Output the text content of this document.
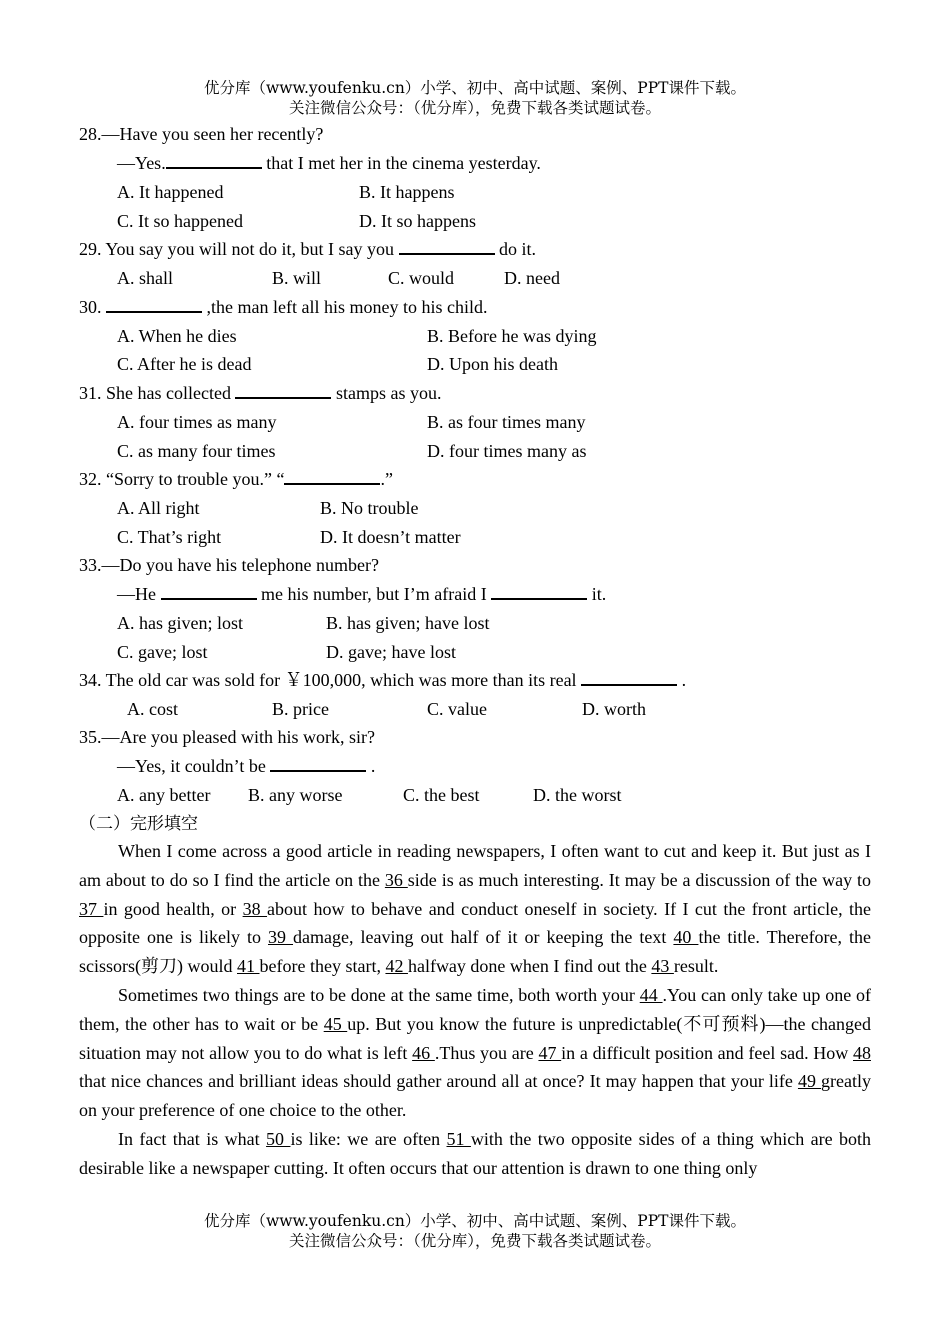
优分库（www.youfenku.cn）小学、初中、高中试题、案例、PPT课件下载。
关注微信公众号：（优分库），免费下载各类试题试卷。
28.—Have you seen her recently?
—Yes.	that I met her in the cinema yesterday.
A. It happened	B. It happens
C. It so happened	D. It so happens
29. You say you will not do it, but I say you	do it.
A. shall	B. will	C. would	D. need
30.	,the man left all his money to his child.
A. When he dies	B. Before he was dying
C. After he is dead	D. Upon his death
31. She has collected	stamps as you.
A. four times as many	B. as four times many
C. as many four times	D. four times many as
32. “Sorry to trouble you.” “	.”
A. All right	B. No trouble
C. That’s right	D. It doesn’t matter
33.—Do you have his telephone number?
—He	me his number, but I’m afraid I	it.
A. has given; lost	B. has given; have lost
C. gave; lost	D. gave; have lost
34. The old car was sold for ￥100,000, which was more than its real	.
A. cost	B. price	C. value	D. worth
35.—Are you pleased with his work, sir?
—Yes, it couldn’t be	.
A. any better B. any worse	C. the best	D. the worst
（二）完形填空
When I come across a good article in reading newspapers, I often want to cut and keep it. But just as I am about to do so I find the article on the 36 side is as much interesting. It may be a discussion of the way to 37 in good health, or 38 about how to behave and conduct oneself in society. If I cut the front article, the opposite one is likely to 39 damage, leaving out half of it or keeping the text 40 the title. Therefore, the scissors(剪刀) would 41 before they start, 42 halfway done when I find out the 43 result.
Sometimes two things are to be done at the same time, both worth your 44 .You can only take up one of them, the other has to wait or be 45 up. But you know the future is unpredictable(不可预料)—the changed situation may not allow you to do what is left 46 .Thus you are 47 in a difficult position and feel sad. How 48 that nice chances and brilliant ideas should gather around all at once? It may happen that your life 49 greatly on your preference of one choice to the other.
In fact that is what 50 is like: we are often 51 with the two opposite sides of a thing which are both desirable like a newspaper cutting. It often occurs that our attention is drawn to one thing only
优分库（www.youfenku.cn）小学、初中、高中试题、案例、PPT课件下载。
关注微信公众号：（优分库），免费下载各类试题试卷。
